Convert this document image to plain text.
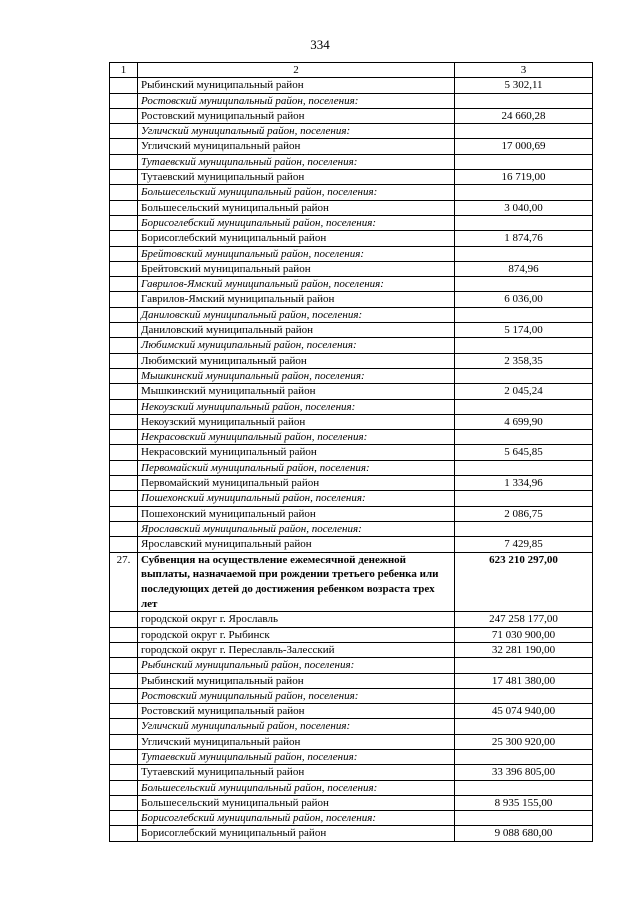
334
1	2	3
	Рыбинский муниципальный район	5 302,11
	Ростовский муниципальный район, поселения:	
	Ростовский муниципальный район	24 660,28
	Угличский муниципальный район, поселения:	
	Угличский муниципальный район	17 000,69
	Тутаевский муниципальный район, поселения:	
	Тутаевский муниципальный район	16 719,00
	Большесельский муниципальный район, поселения:	
	Большесельский муниципальный район	3 040,00
	Борисоглебский муниципальный район, поселения:	
	Борисоглебский муниципальный район	1 874,76
	Брейтовский муниципальный район, поселения:	
	Брейтовский муниципальный район	874,96
	Гаврилов-Ямский муниципальный район, поселения:	
	Гаврилов-Ямский муниципальный район	6 036,00
	Даниловский муниципальный район, поселения:	
	Даниловский муниципальный район	5 174,00
	Любимский муниципальный район, поселения:	
	Любимский муниципальный район	2 358,35
	Мышкинский муниципальный район, поселения:	
	Мышкинский муниципальный район	2 045,24
	Некоузский муниципальный район, поселения:	
	Некоузский муниципальный район	4 699,90
	Некрасовский муниципальный район, поселения:	
	Некрасовский муниципальный район	5 645,85
	Первомайский муниципальный район, поселения:	
	Первомайский муниципальный район	1 334,96
	Пошехонский муниципальный район, поселения:	
	Пошехонский муниципальный район	2 086,75
	Ярославский муниципальный район, поселения:	
	Ярославский муниципальный район	7 429,85
27.	Субвенция на осуществление ежемесячной денежной выплаты, назначаемой при рождении третьего ребенка или последующих детей до достижения ребенком возраста трех лет	623 210 297,00
	городской округ г. Ярославль	247 258 177,00
	городской округ г. Рыбинск	71 030 900,00
	городской округ г. Переславль-Залесский	32 281 190,00
	Рыбинский муниципальный район, поселения:	
	Рыбинский муниципальный район	17 481 380,00
	Ростовский муниципальный район, поселения:	
	Ростовский муниципальный район	45 074 940,00
	Угличский муниципальный район, поселения:	
	Угличский муниципальный район	25 300 920,00
	Тутаевский муниципальный район, поселения:	
	Тутаевский муниципальный район	33 396 805,00
	Большесельский муниципальный район, поселения:	
	Большесельский муниципальный район	8 935 155,00
	Борисоглебский муниципальный район, поселения:	
	Борисоглебский муниципальный район	9 088 680,00
